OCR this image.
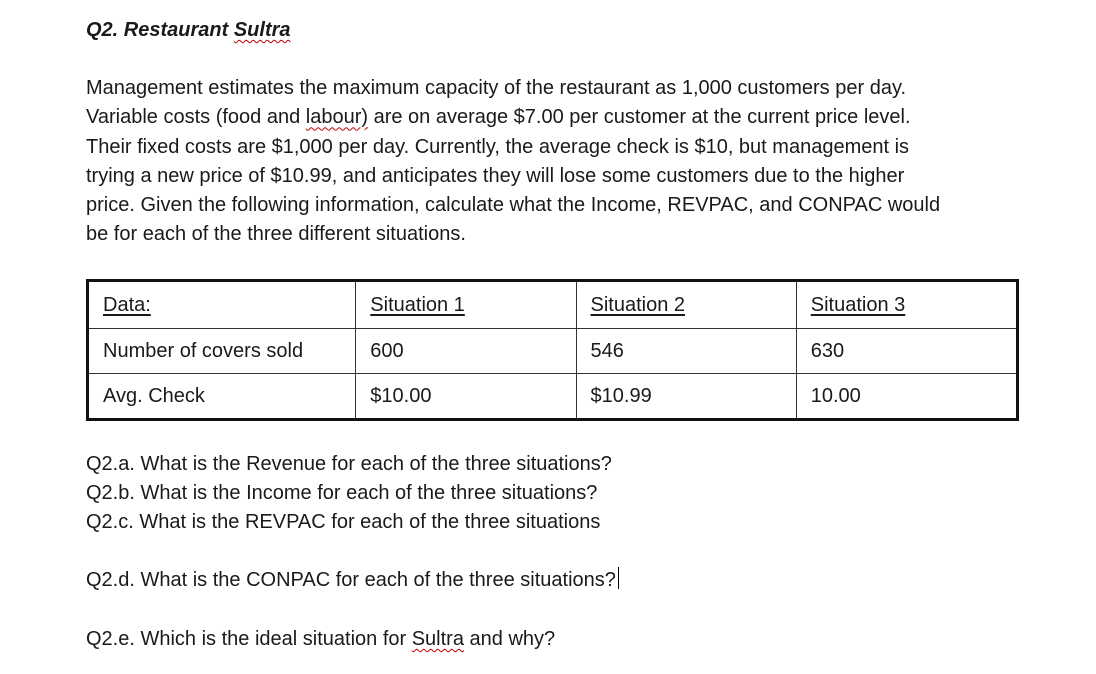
Q2. Restaurant Sultra
Management estimates the maximum capacity of the restaurant as 1,000 customers per day.
Variable costs (food and labour) are on average $7.00 per customer at the current price level.
Their fixed costs are $1,000 per day. Currently, the average check is $10, but management is
trying a new price of $10.99, and anticipates they will lose some customers due to the higher
price. Given the following information, calculate what the Income, REVPAC, and CONPAC would
be for each of the three different situations.
Data:	Situation 1	Situation 2	Situation 3
Number of covers sold	600	546	630
Avg. Check	$10.00	$10.99	10.00
Q2.a. What is the Revenue for each of the three situations?
Q2.b. What is the Income for each of the three situations?
Q2.c. What is the REVPAC for each of the three situations
Q2.d. What is the CONPAC for each of the three situations?
Q2.e. Which is the ideal situation for Sultra and why?
